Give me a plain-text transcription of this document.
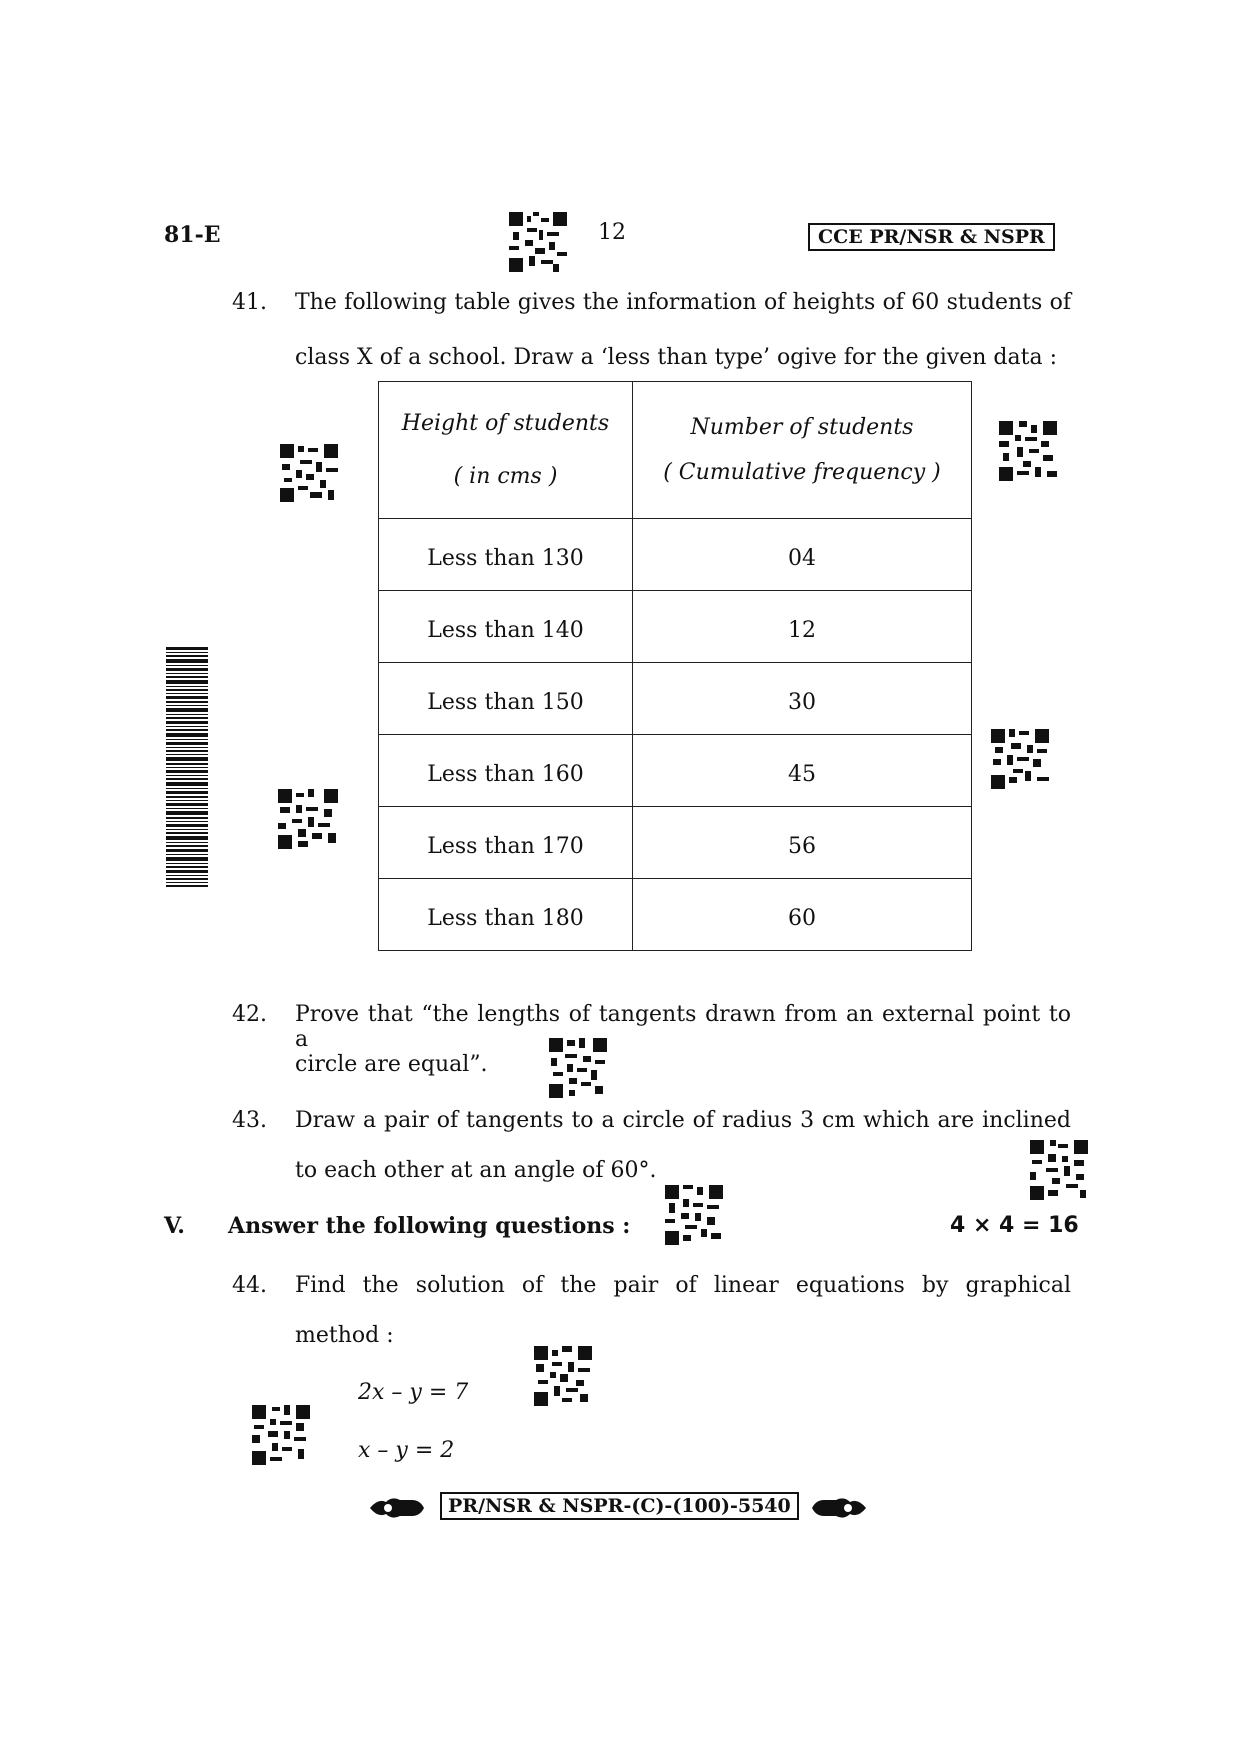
81-E	12	CCE PR/NSR & NSPR
41. The following table gives the information of heights of 60 students of
class X of a school. Draw a ‘less than type’ ogive for the given data :
Height of students
( in cms )	Number of students
( Cumulative frequency )
Less than 130	04
Less than 140	12
Less than 150	30
Less than 160	45
Less than 170	56
Less than 180	60
42. Prove that “the lengths of tangents drawn from an external point to a
circle are equal”.
43. Draw a pair of tangents to a circle of radius 3 cm which are inclined
to each other at an angle of 60°.
V. Answer the following questions :	4 × 4 = 16
44. Find the solution of the pair of linear equations by graphical
method :
2x – y = 7
x – y = 2
PR/NSR & NSPR-(C)-(100)-5540
